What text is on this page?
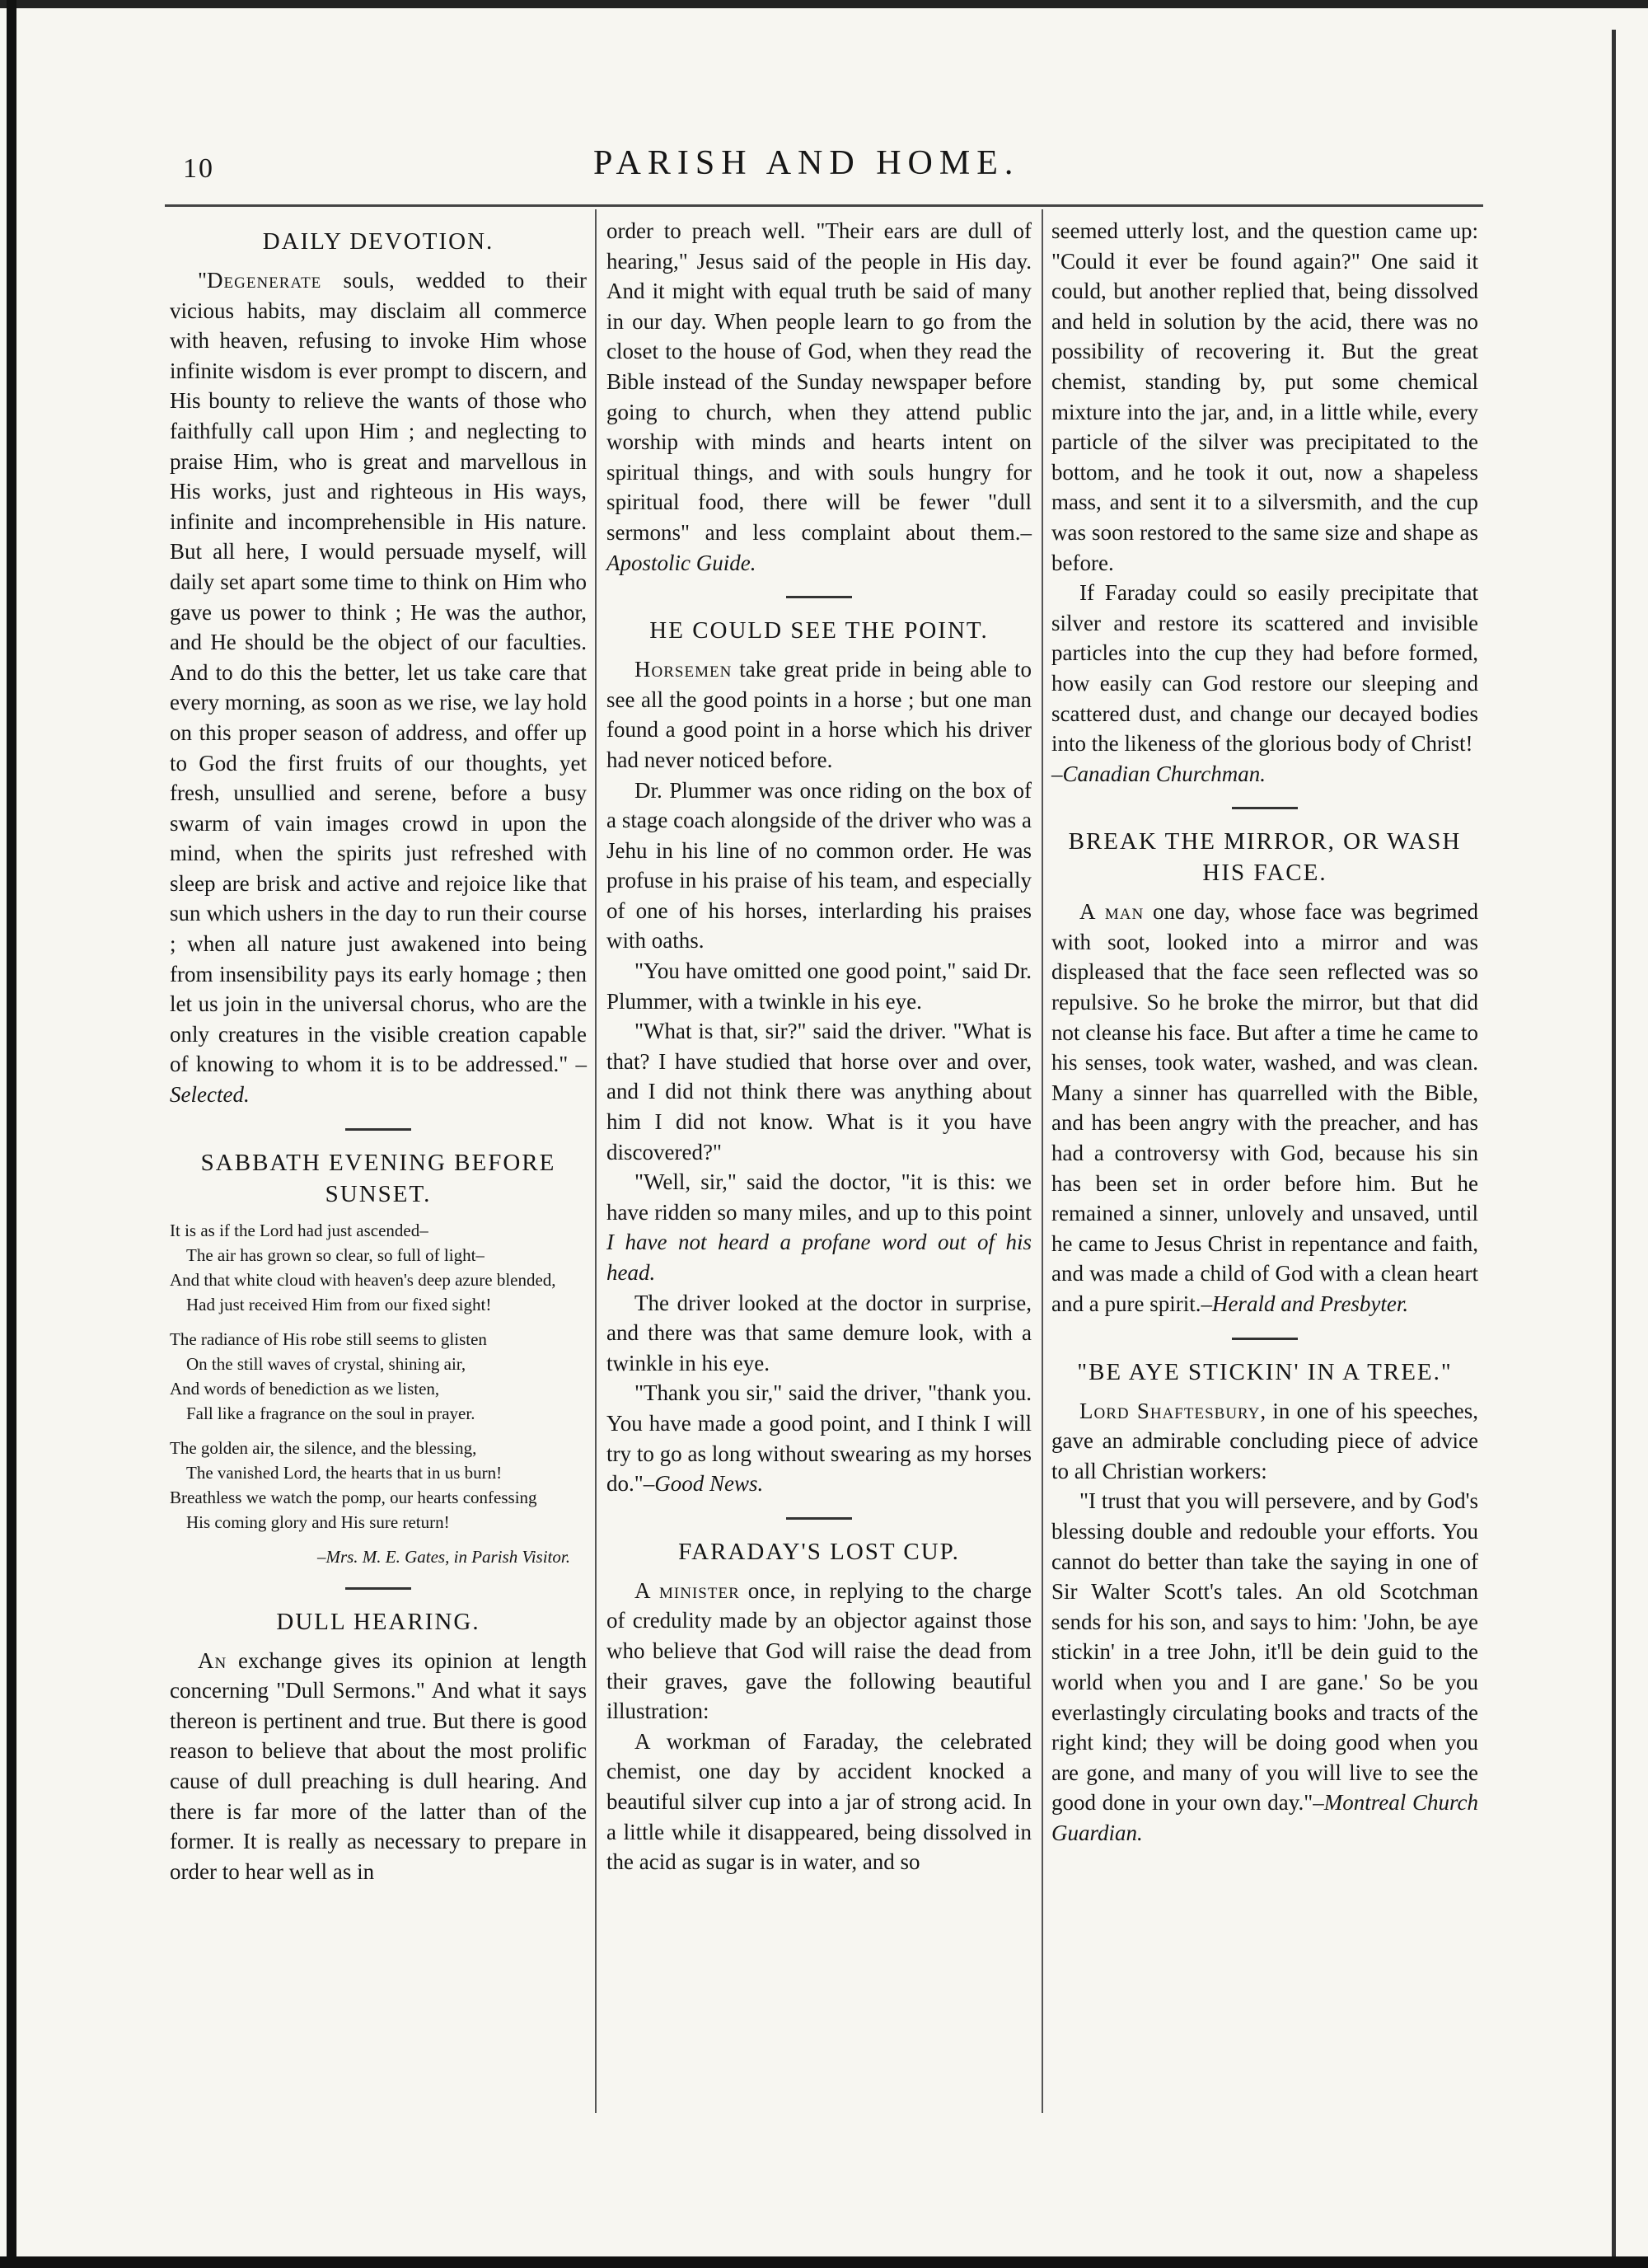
10	PARISH AND HOME.
DAILY DEVOTION.

"Degenerate souls, wedded to their vicious habits, may disclaim all commerce with heaven, refusing to invoke Him whose infinite wisdom is ever prompt to discern, and His bounty to relieve the wants of those who faithfully call upon Him ; and neglecting to praise Him, who is great and marvellous in His works, just and righteous in His ways, infinite and incomprehensible in His nature. But all here, I would persuade myself, will daily set apart some time to think on Him who gave us power to think ; He was the author, and He should be the object of our faculties. And to do this the better, let us take care that every morning, as soon as we rise, we lay hold on this proper season of address, and offer up to God the first fruits of our thoughts, yet fresh, unsullied and serene, before a busy swarm of vain images crowd in upon the mind, when the spirits just refreshed with sleep are brisk and active and rejoice like that sun which ushers in the day to run their course ; when all nature just awakened into being from insensibility pays its early homage ; then let us join in the universal chorus, who are the only creatures in the visible creation capable of knowing to whom it is to be addressed." –Selected.

SABBATH EVENING BEFORE SUNSET.
It is as if the Lord had just ascended–
The air has grown so clear, so full of light–
And that white cloud with heaven's deep azure blended,
Had just received Him from our fixed sight!
The radiance of His robe still seems to glisten
On the still waves of crystal, shining air,
And words of benediction as we listen,
Fall like a fragrance on the soul in prayer.
The golden air, the silence, and the blessing,
The vanished Lord, the hearts that in us burn!
Breathless we watch the pomp, our hearts confessing
His coming glory and His sure return!
–Mrs. M. E. Gates, in Parish Visitor.
DULL HEARING.

An exchange gives its opinion at length concerning "Dull Sermons." And what it says thereon is pertinent and true. But there is good reason to believe that about the most prolific cause of dull preaching is dull hearing. And there is far more of the latter than of the former. It is really as necessary to prepare in order to hear well as in

order to preach well. "Their ears are dull of hearing," Jesus said of the people in His day. And it might with equal truth be said of many in our day. When people learn to go from the closet to the house of God, when they read the Bible instead of the Sunday newspaper before going to church, when they attend public worship with minds and hearts intent on spiritual things, and with souls hungry for spiritual food, there will be fewer "dull sermons" and less complaint about them.–Apostolic Guide.

HE COULD SEE THE POINT.

Horsemen take great pride in being able to see all the good points in a horse ; but one man found a good point in a horse which his driver had never noticed before.

Dr. Plummer was once riding on the box of a stage coach alongside of the driver who was a Jehu in his line of no common order. He was profuse in his praise of his team, and especially of one of his horses, interlarding his praises with oaths.

"You have omitted one good point," said Dr. Plummer, with a twinkle in his eye.

"What is that, sir?" said the driver. "What is that? I have studied that horse over and over, and I did not think there was anything about him I did not know. What is it you have discovered?"

"Well, sir," said the doctor, "it is this: we have ridden so many miles, and up to this point I have not heard a profane word out of his head.

The driver looked at the doctor in surprise, and there was that same demure look, with a twinkle in his eye.

"Thank you sir," said the driver, "thank you. You have made a good point, and I think I will try to go as long without swearing as my horses do."–Good News.

FARADAY'S LOST CUP.

A minister once, in replying to the charge of credulity made by an objector against those who believe that God will raise the dead from their graves, gave the following beautiful illustration:

A workman of Faraday, the celebrated chemist, one day by accident knocked a beautiful silver cup into a jar of strong acid. In a little while it disappeared, being dissolved in the acid as sugar is in water, and so

seemed utterly lost, and the question came up: "Could it ever be found again?" One said it could, but another replied that, being dissolved and held in solution by the acid, there was no possibility of recovering it. But the great chemist, standing by, put some chemical mixture into the jar, and, in a little while, every particle of the silver was precipitated to the bottom, and he took it out, now a shapeless mass, and sent it to a silversmith, and the cup was soon restored to the same size and shape as before.

If Faraday could so easily precipitate that silver and restore its scattered and invisible particles into the cup they had before formed, how easily can God restore our sleeping and scattered dust, and change our decayed bodies into the likeness of the glorious body of Christ!

–Canadian Churchman.

BREAK THE MIRROR, OR WASH HIS FACE.

A man one day, whose face was begrimed with soot, looked into a mirror and was displeased that the face seen reflected was so repulsive. So he broke the mirror, but that did not cleanse his face. But after a time he came to his senses, took water, washed, and was clean. Many a sinner has quarrelled with the Bible, and has been angry with the preacher, and has had a controversy with God, because his sin has been set in order before him. But he remained a sinner, unlovely and unsaved, until he came to Jesus Christ in repentance and faith, and was made a child of God with a clean heart and a pure spirit.–Herald and Presbyter.

"BE AYE STICKIN' IN A TREE."

Lord Shaftesbury, in one of his speeches, gave an admirable concluding piece of advice to all Christian workers:

"I trust that you will persevere, and by God's blessing double and redouble your efforts. You cannot do better than take the saying in one of Sir Walter Scott's tales. An old Scotchman sends for his son, and says to him: 'John, be aye stickin' in a tree John, it'll be dein guid to the world when you and I are gane.' So be you everlastingly circulating books and tracts of the right kind; they will be doing good when you are gone, and many of you will live to see the good done in your own day."–Montreal Church Guardian.
